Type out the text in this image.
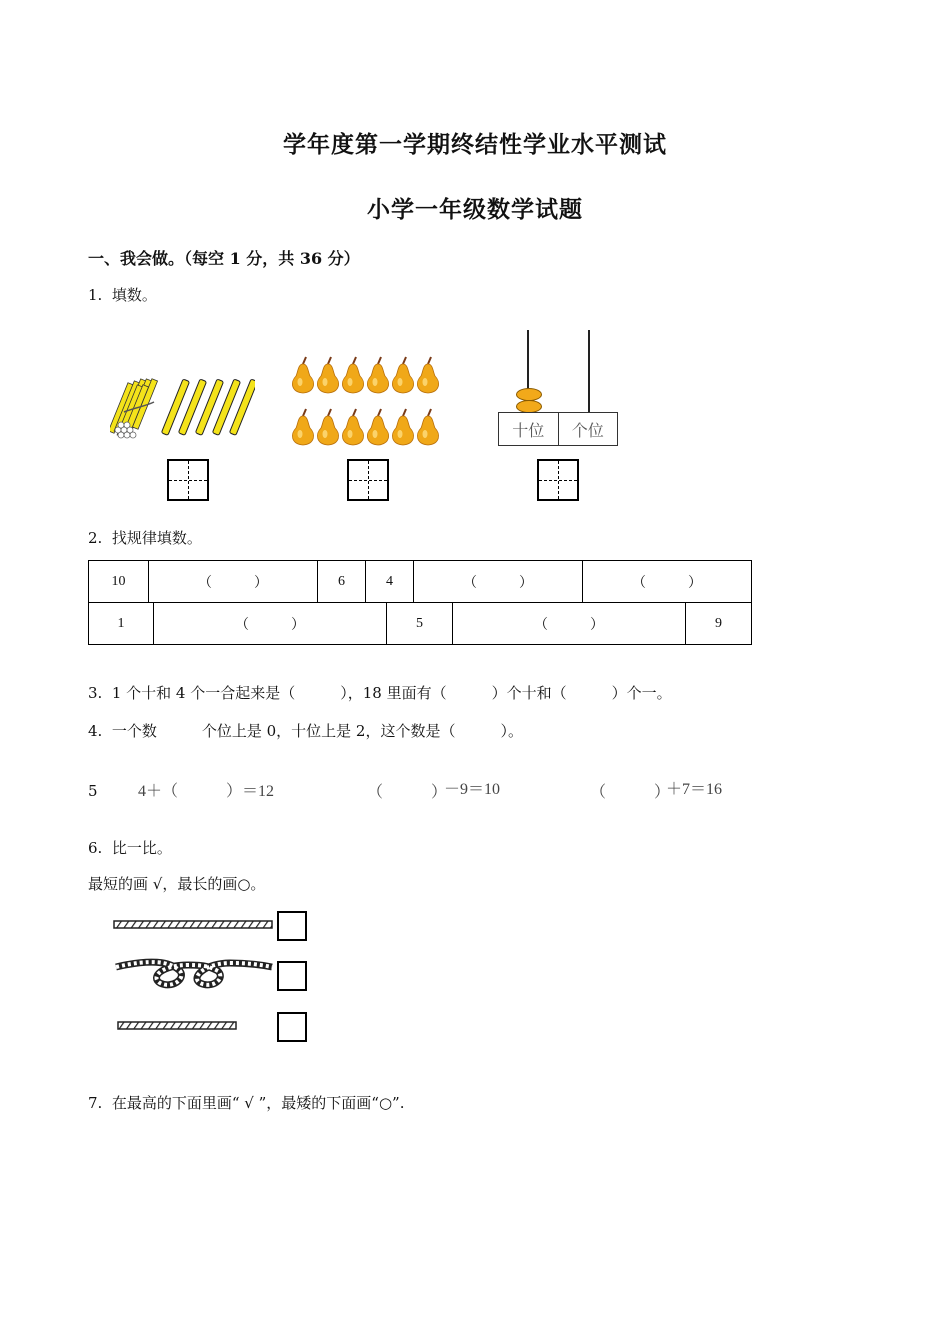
学年度第一学期终结性学业水平测试
小学一年级数学试题
一、我会做。（每空 1 分，共 36 分）
1.  填数。
十位	个位
2.  找规律填数。
10	（　　　）	6	4	（　　　）	（　　　）
1	（　　　）	5	（　　　）	9
3.  1 个十和 4 个一合起来是（　　　），18 里面有（　　　）个十和（　　　）个一。
4.  一个数　　　个位上是 0，十位上是 2，这个数是（　　　）。
5	4＋（　　　）＝12	（　　　）
－9＝10	（　　　）
＋7＝16
6.  比一比。
最短的画 √，最长的画○。
7.  在最高的下面里画“ √ ”，最矮的下面画“○”.
